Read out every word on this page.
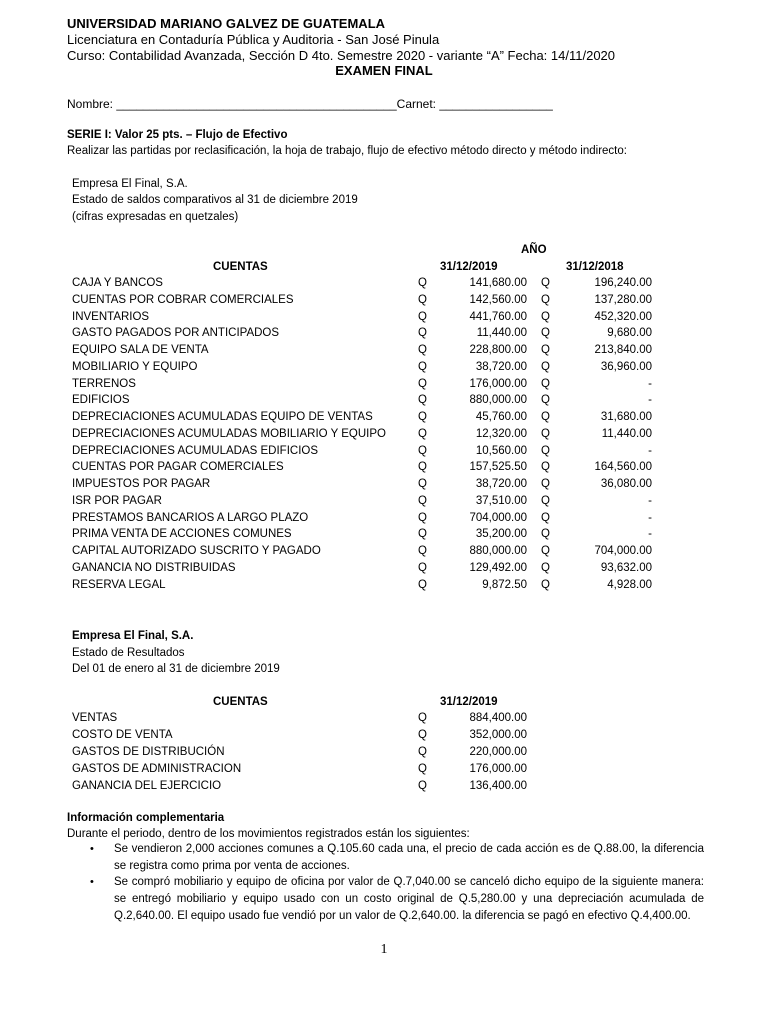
UNIVERSIDAD MARIANO GALVEZ DE GUATEMALA
Licenciatura en Contaduría Pública y Auditoria - San José Pinula
Curso: Contabilidad Avanzada, Sección D 4to. Semestre 2020 - variante “A” Fecha: 14/11/2020
EXAMEN FINAL
Nombre: __________________________________________Carnet: _________________
SERIE I: Valor 25 pts. – Flujo de Efectivo
Realizar las partidas por reclasificación, la hoja de trabajo, flujo de efectivo método directo y método indirecto:
Empresa El Final, S.A.
Estado de saldos comparativos al 31 de diciembre 2019
(cifras expresadas en quetzales)
AÑO
CUENTAS	31/12/2019	31/12/2018
CAJA Y BANCOS	Q	141,680.00 Q	196,240.00
CUENTAS POR COBRAR COMERCIALES	Q	142,560.00 Q	137,280.00
INVENTARIOS	Q	441,760.00 Q	452,320.00
GASTO PAGADOS POR ANTICIPADOS	Q	11,440.00 Q	9,680.00
EQUIPO SALA DE VENTA	Q	228,800.00 Q	213,840.00
MOBILIARIO Y EQUIPO	Q	38,720.00 Q	36,960.00
TERRENOS	Q	176,000.00 Q	-
EDIFICIOS	Q	880,000.00 Q	-
DEPRECIACIONES ACUMULADAS EQUIPO DE VENTAS	Q	45,760.00 Q	31,680.00
DEPRECIACIONES ACUMULADAS MOBILIARIO Y EQUIPO	Q	12,320.00 Q	11,440.00
DEPRECIACIONES ACUMULADAS EDIFICIOS	Q	10,560.00 Q	-
CUENTAS POR PAGAR COMERCIALES	Q	157,525.50 Q	164,560.00
IMPUESTOS POR PAGAR	Q	38,720.00 Q	36,080.00
ISR POR PAGAR	Q	37,510.00 Q	-
PRESTAMOS BANCARIOS A LARGO PLAZO	Q	704,000.00 Q	-
PRIMA VENTA DE ACCIONES COMUNES	Q	35,200.00 Q	-
CAPITAL AUTORIZADO SUSCRITO Y PAGADO	Q	880,000.00 Q	704,000.00
GANANCIA NO DISTRIBUIDAS	Q	129,492.00 Q	93,632.00
RESERVA LEGAL	Q	9,872.50 Q	4,928.00
Empresa El Final, S.A.
Estado de Resultados
Del 01 de enero al 31 de diciembre 2019
CUENTAS	31/12/2019
VENTAS	Q	884,400.00
COSTO DE VENTA	Q	352,000.00
GASTOS DE DISTRIBUCIÓN	Q	220,000.00
GASTOS DE ADMINISTRACION	Q	176,000.00
GANANCIA DEL EJERCICIO	Q	136,400.00
Información complementaria
Durante el periodo, dentro de los movimientos registrados están los siguientes:
• Se vendieron 2,000 acciones comunes a Q.105.60 cada una, el precio de cada acción es de Q.88.00, la diferencia se registra como prima por venta de acciones.
• Se compró mobiliario y equipo de oficina por valor de Q.7,040.00 se canceló dicho equipo de la siguiente manera: se entregó mobiliario y equipo usado con un costo original de Q.5,280.00 y una depreciación acumulada de Q.2,640.00. El equipo usado fue vendió por un valor de Q.2,640.00. la diferencia se pagó en efectivo Q.4,400.00.
1
